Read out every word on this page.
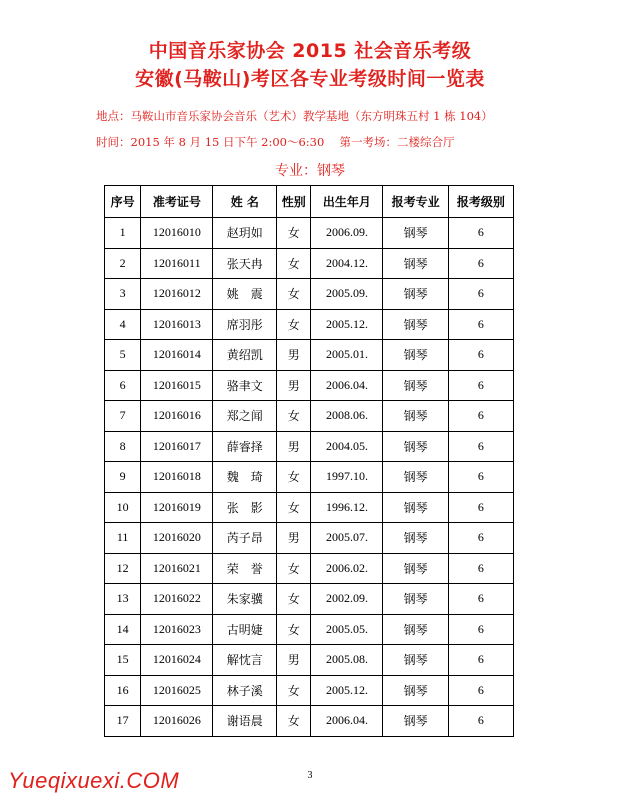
中国音乐家协会 2015 社会音乐考级
安徽(马鞍山)考区各专业考级时间一览表
地点：马鞍山市音乐家协会音乐（艺术）教学基地（东方明珠五村 1 栋 104）
时间：2015 年 8 月 15 日下午 2:00～6:30　 第一考场：二楼综合厅
专业：钢琴
序号	准考证号	姓 名	性别	出生年月	报考专业	报考级别
1	12016010	赵玥如	女	2006.09.	钢琴	6
2	12016011	张天冉	女	2004.12.	钢琴	6
3	12016012	姚　震	女	2005.09.	钢琴	6
4	12016013	席羽彤	女	2005.12.	钢琴	6
5	12016014	黄绍凯	男	2005.01.	钢琴	6
6	12016015	骆聿文	男	2006.04.	钢琴	6
7	12016016	郑之闻	女	2008.06.	钢琴	6
8	12016017	薛睿择	男	2004.05.	钢琴	6
9	12016018	魏　琦	女	1997.10.	钢琴	6
10	12016019	张　影	女	1996.12.	钢琴	6
11	12016020	芮子昂	男	2005.07.	钢琴	6
12	12016021	荣　誉	女	2006.02.	钢琴	6
13	12016022	朱家骥	女	2002.09.	钢琴	6
14	12016023	古明婕	女	2005.05.	钢琴	6
15	12016024	解忱言	男	2005.08.	钢琴	6
16	12016025	林子溪	女	2005.12.	钢琴	6
17	12016026	谢语晨	女	2006.04.	钢琴	6
3
Yueqixuexi.COM
